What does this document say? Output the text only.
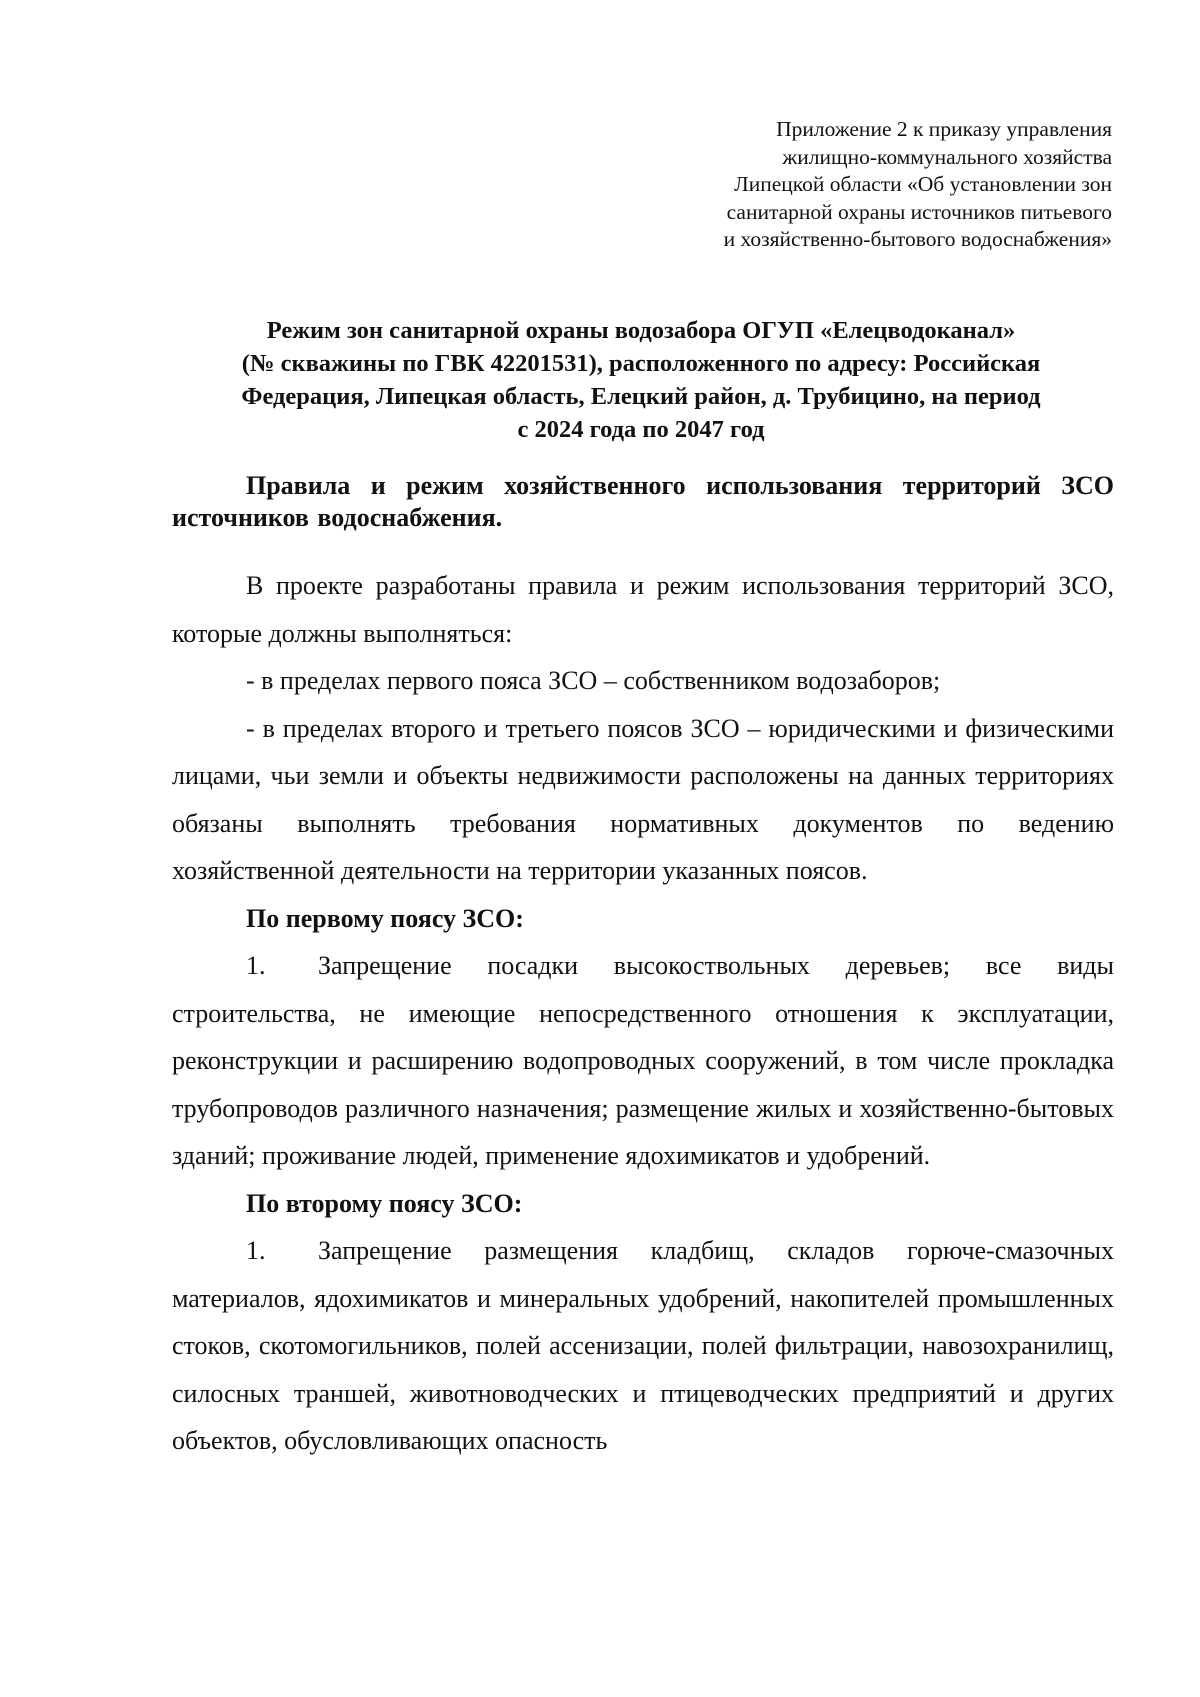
Приложение 2 к приказу управления
жилищно-коммунального хозяйства
Липецкой области «Об установлении зон
санитарной охраны источников питьевого
и хозяйственно-бытового водоснабжения»
Режим зон санитарной охраны водозабора ОГУП «Елецводоканал»
(№ скважины по ГВК 42201531), расположенного по адресу: Российская
Федерация, Липецкая область, Елецкий район, д. Трубицино, на период
с 2024 года по 2047 год

Правила и режим хозяйственного использования территорий ЗСО источников водоснабжения.

В проекте разработаны правила и режим использования территорий ЗСО, которые должны выполняться:

- в пределах первого пояса ЗСО – собственником водозаборов;

- в пределах второго и третьего поясов ЗСО – юридическими и физическими лицами, чьи земли и объекты недвижимости расположены на данных территориях обязаны выполнять требования нормативных документов по ведению хозяйственной деятельности на территории указанных поясов.

По первому поясу ЗСО:

1. Запрещение посадки высокоствольных деревьев; все виды строительства, не имеющие непосредственного отношения к эксплуатации, реконструкции и расширению водопроводных сооружений, в том числе прокладка трубопроводов различного назначения; размещение жилых и хозяйственно-бытовых зданий; проживание людей, применение ядохимикатов и удобрений.

По второму поясу ЗСО:

1. Запрещение размещения кладбищ, складов горюче-смазочных материалов, ядохимикатов и минеральных удобрений, накопителей промышленных стоков, скотомогильников, полей ассенизации, полей фильтрации, навозохранилищ, силосных траншей, животноводческих и птицеводческих предприятий и других объектов, обусловливающих опасность
